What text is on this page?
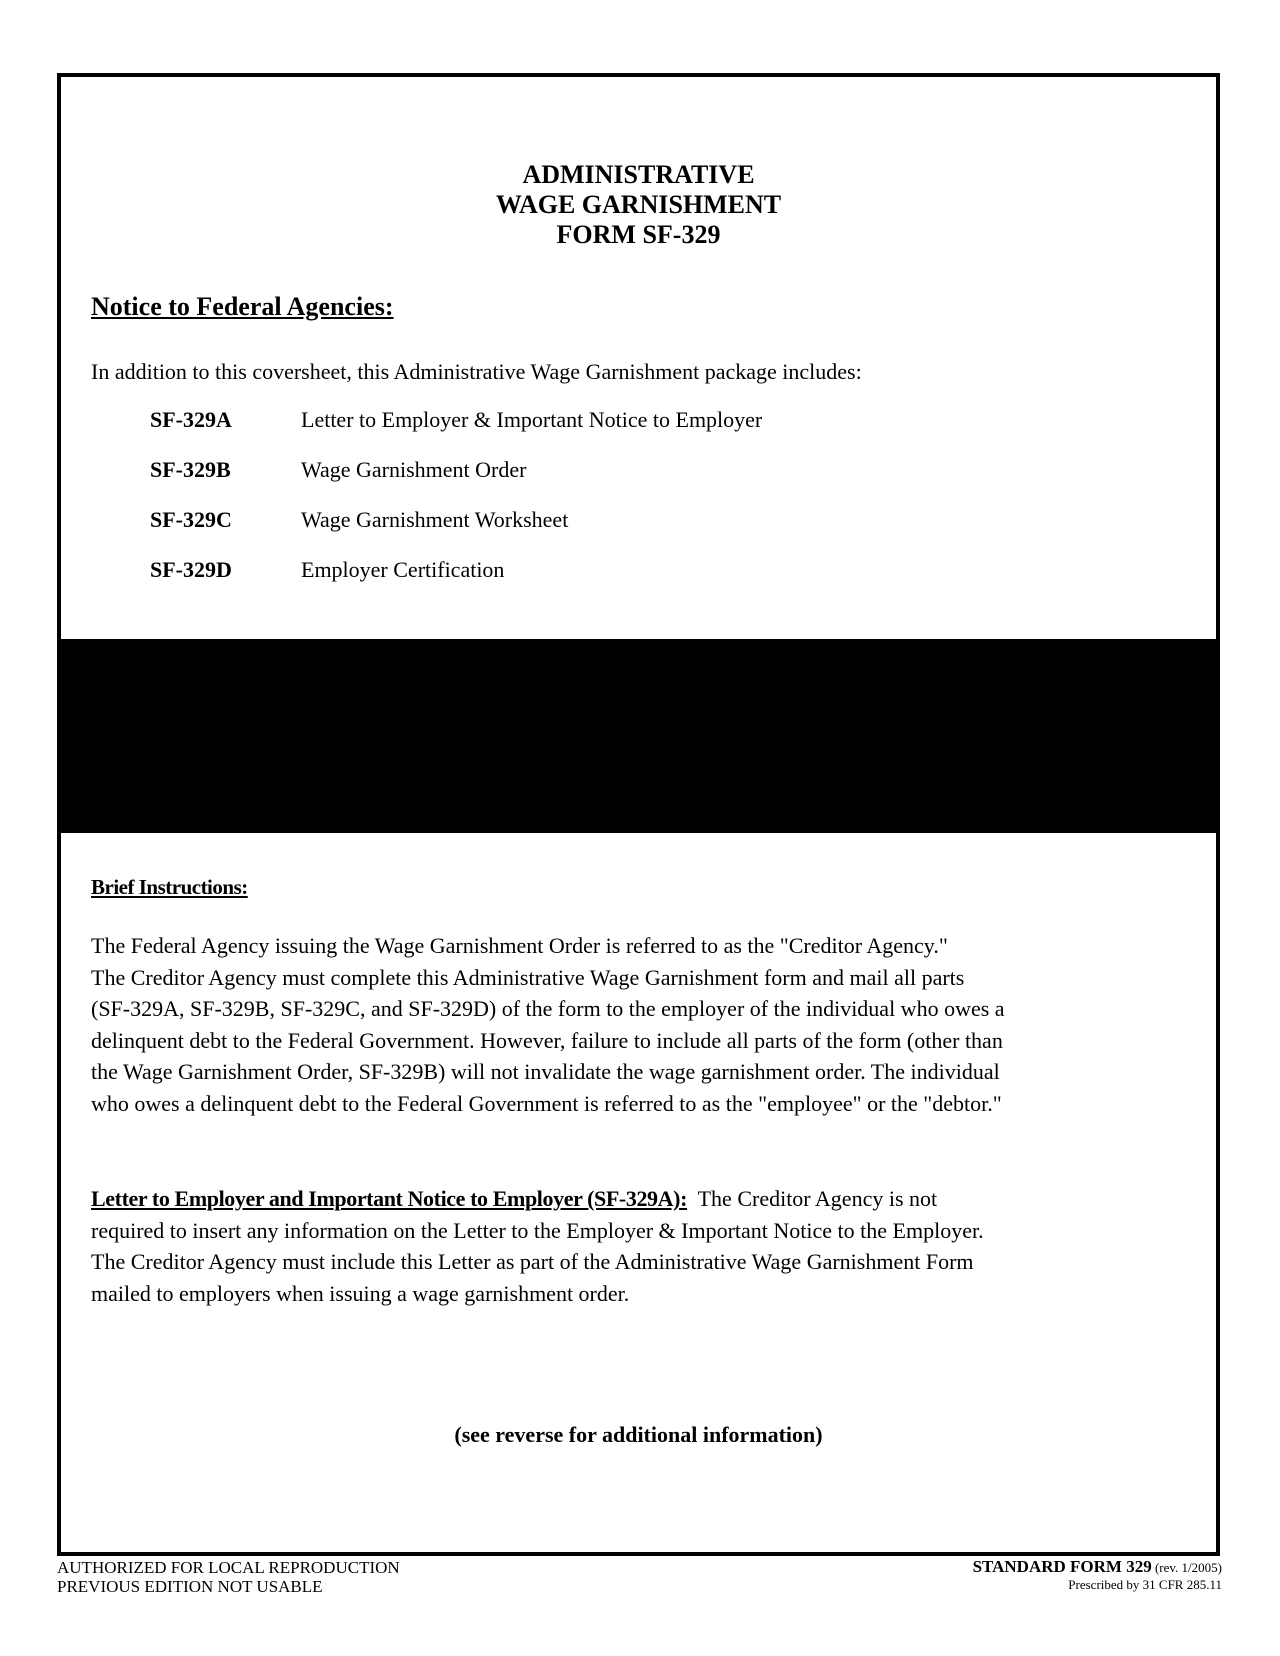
ADMINISTRATIVE
WAGE GARNISHMENT
FORM SF-329
Notice to Federal Agencies:

In addition to this coversheet, this Administrative Wage Garnishment package includes:

SF-329A	Letter to Employer & Important Notice to Employer
SF-329B	Wage Garnishment Order
SF-329C	Wage Garnishment Worksheet
SF-329D	Employer Certification
Brief Instructions:

The Federal Agency issuing the Wage Garnishment Order is referred to as the "Creditor Agency."
The Creditor Agency must complete this Administrative Wage Garnishment form and mail all parts
(SF-329A, SF-329B, SF-329C, and SF-329D) of the form to the employer of the individual who owes a
delinquent debt to the Federal Government. However, failure to include all parts of the form (other than
the Wage Garnishment Order, SF-329B) will not invalidate the wage garnishment order. The individual
who owes a delinquent debt to the Federal Government is referred to as the "employee" or the "debtor."

Letter to Employer and Important Notice to Employer (SF-329A):  The Creditor Agency is not
required to insert any information on the Letter to the Employer & Important Notice to the Employer.
The Creditor Agency must include this Letter as part of the Administrative Wage Garnishment Form
mailed to employers when issuing a wage garnishment order.

(see reverse for additional information)

AUTHORIZED FOR LOCAL REPRODUCTION
PREVIOUS EDITION NOT USABLE
STANDARD FORM 329 (rev. 1/2005)
Prescribed by 31 CFR 285.11
